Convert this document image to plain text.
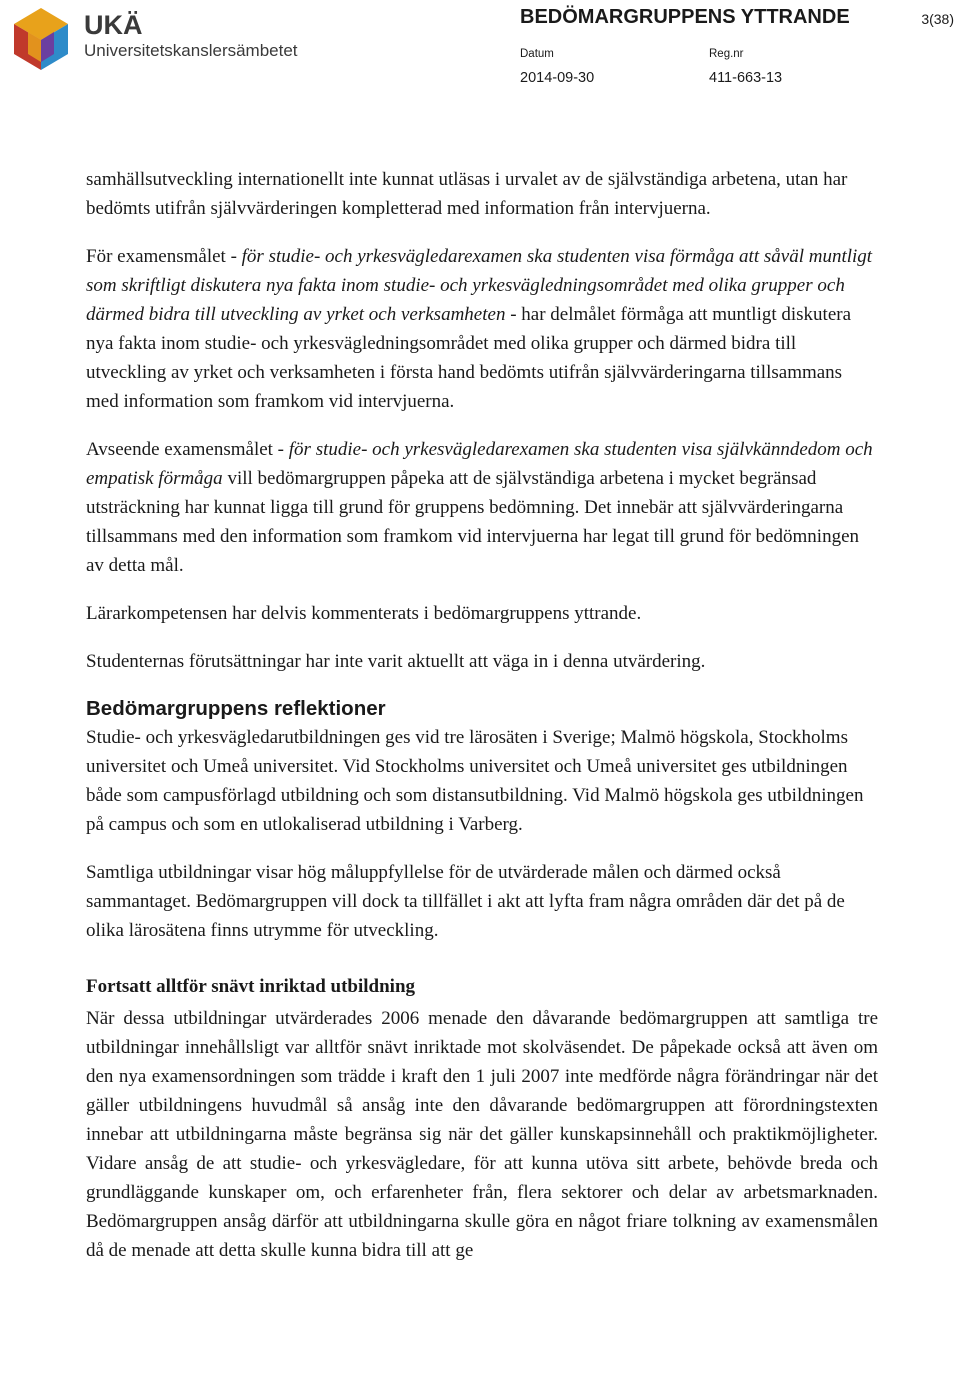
UKÄ
Universitetskanslersämbetet
BEDÖMARGRUPPENS YTTRANDE	3(38)
Datum
2014-09-30
Reg.nr
411-663-13

samhällsutveckling internationellt inte kunnat utläsas i urvalet av de självständiga arbetena, utan har bedömts utifrån självvärderingen kompletterad med information från intervjuerna.

För examensmålet - för studie- och yrkesvägledarexamen ska studenten visa förmåga att såväl muntligt som skriftligt diskutera nya fakta inom studie- och yrkesvägledningsområdet med olika grupper och därmed bidra till utveckling av yrket och verksamheten - har delmålet förmåga att muntligt diskutera nya fakta inom studie- och yrkesvägledningsområdet med olika grupper och därmed bidra till utveckling av yrket och verksamheten i första hand bedömts utifrån självvärderingarna tillsammans med information som framkom vid intervjuerna.

Avseende examensmålet - för studie- och yrkesvägledarexamen ska studenten visa självkänndedom och empatisk förmåga vill bedömargruppen påpeka att de självständiga arbetena i mycket begränsad utsträckning har kunnat ligga till grund för gruppens bedömning. Det innebär att självvärderingarna tillsammans med den information som framkom vid intervjuerna har legat till grund för bedömningen av detta mål.

Lärarkompetensen har delvis kommenterats i bedömargruppens yttrande.

Studenternas förutsättningar har inte varit aktuellt att väga in i denna utvärdering.

Bedömargruppens reflektioner

Studie- och yrkesvägledarutbildningen ges vid tre lärosäten i Sverige; Malmö högskola, Stockholms universitet och Umeå universitet. Vid Stockholms universitet och Umeå universitet ges utbildningen både som campusförlagd utbildning och som distansutbildning. Vid Malmö högskola ges utbildningen på campus och som en utlokaliserad utbildning i Varberg.

Samtliga utbildningar visar hög måluppfyllelse för de utvärderade målen och därmed också sammantaget. Bedömargruppen vill dock ta tillfället i akt att lyfta fram några områden där det på de olika lärosätena finns utrymme för utveckling.

Fortsatt alltför snävt inriktad utbildning

När dessa utbildningar utvärderades 2006 menade den dåvarande bedömargruppen att samtliga tre utbildningar innehållsligt var alltför snävt inriktade mot skolväsendet. De påpekade också att även om den nya examensordningen som trädde i kraft den 1 juli 2007 inte medförde några förändringar när det gäller utbildningens huvudmål så ansåg inte den dåvarande bedömargruppen att förordningstexten innebar att utbildningarna måste begränsa sig när det gäller kunskapsinnehåll och praktikmöjligheter. Vidare ansåg de att studie- och yrkesvägledare, för att kunna utöva sitt arbete, behövde breda och grundläggande kunskaper om, och erfarenheter från, flera sektorer och delar av arbetsmarknaden. Bedömargruppen ansåg därför att utbildningarna skulle göra en något friare tolkning av examensmålen då de menade att detta skulle kunna bidra till att ge
